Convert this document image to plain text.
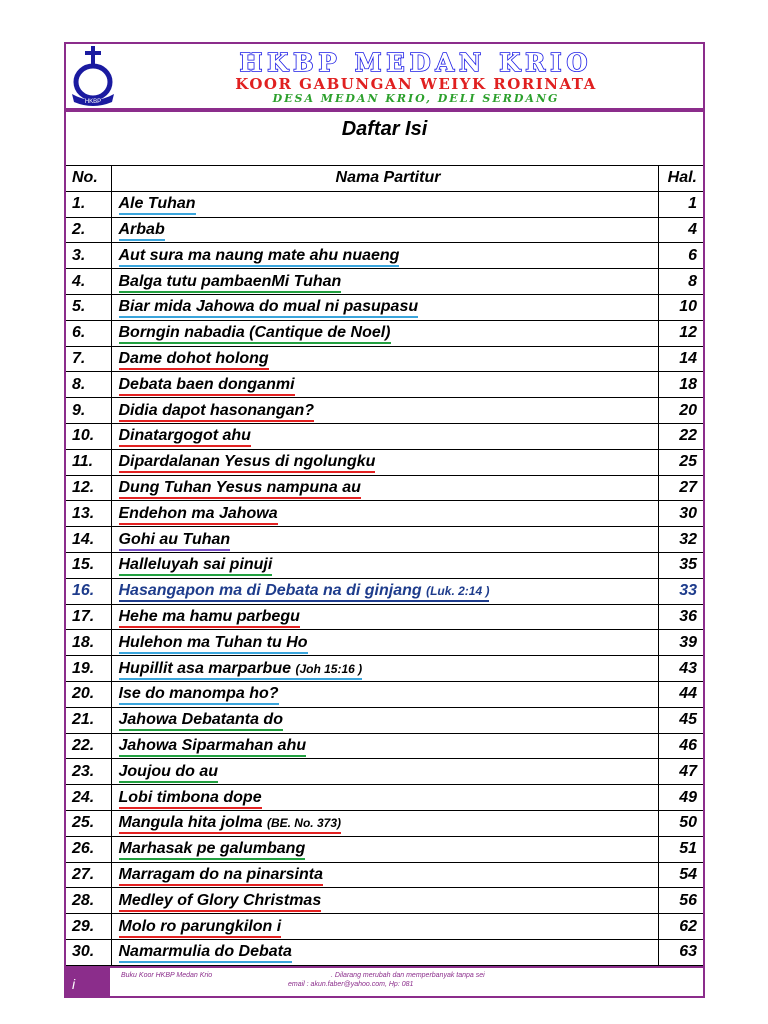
HKBP
HKBP MEDAN KRIO
KOOR GABUNGAN WEIYK RORINATA
DESA MEDAN KRIO, DELI SERDANG
Daftar Isi
No.	Nama Partitur	Hal.
1.	Ale Tuhan	1
2.	Arbab	4
3.	Aut sura ma naung mate ahu nuaeng	6
4.	Balga tutu pambaenMi Tuhan	8
5.	Biar mida Jahowa do mual ni pasupasu	10
6.	Borngin nabadia (Cantique de Noel)	12
7.	Dame dohot holong	14
8.	Debata baen donganmi	18
9.	Didia dapot hasonangan?	20
10.	Dinatargogot ahu	22
11.	Dipardalanan Yesus di ngolungku	25
12.	Dung Tuhan Yesus nampuna au	27
13.	Endehon ma Jahowa	30
14.	Gohi au Tuhan	32
15.	Halleluyah sai pinuji	35
16.	Hasangapon ma di Debata na di ginjang (Luk. 2:14 )	33
17.	Hehe ma hamu parbegu	36
18.	Hulehon ma Tuhan tu Ho	39
19.	Hupillit asa marparbue (Joh 15:16 )	43
20.	Ise do manompa ho?	44
21.	Jahowa Debatanta do	45
22.	Jahowa Siparmahan ahu	46
23.	Joujou do au	47
24.	Lobi timbona dope	49
25.	Mangula hita jolma (BE. No. 373)	50
26.	Marhasak pe galumbang	51
27.	Marragam do na pinarsinta	54
28.	Medley of Glory Christmas	56
29.	Molo ro parungkilon i	62
30.	Namarmulia do Debata	63
i
Buku Koor HKBP Medan Krio	. Dilarang merubah dan memperbanyak tanpa sei
email : akun.faber@yahoo.com, Hp: 081
